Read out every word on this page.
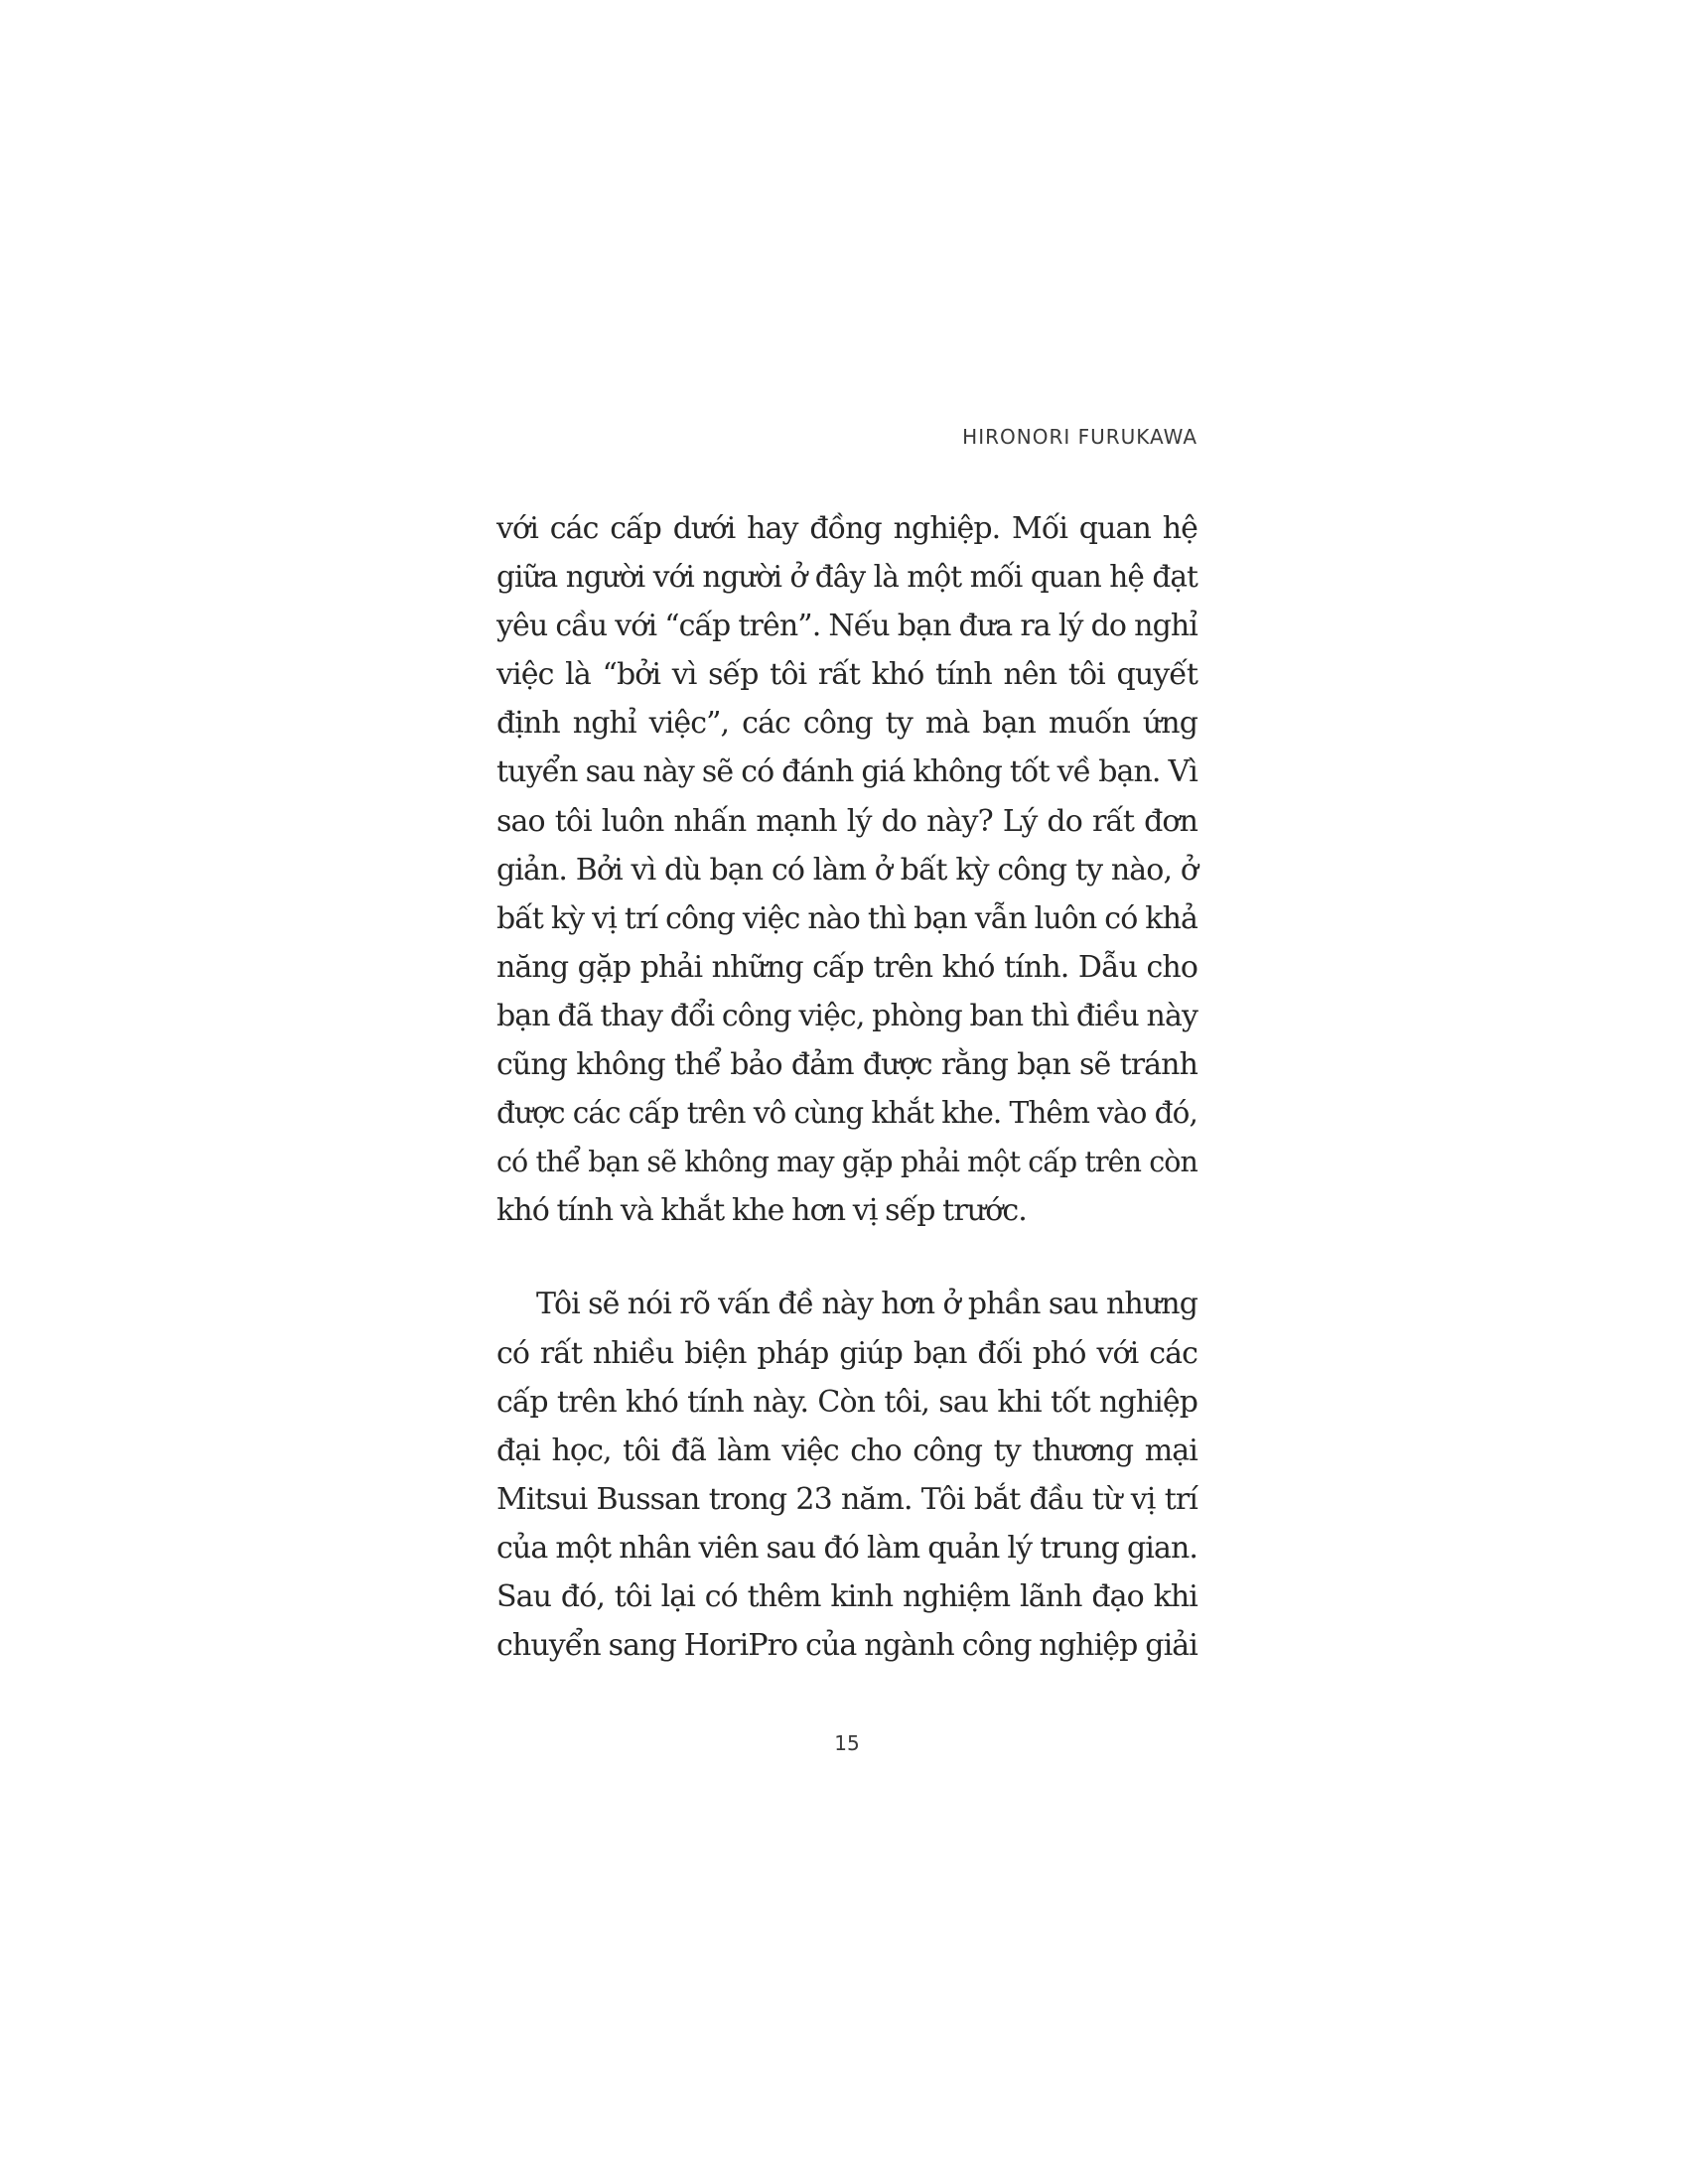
HIRONORI FURUKAWA
với các cấp dưới hay đồng nghiệp. Mối quan hệ
giữa người với người ở đây là một mối quan hệ đạt
yêu cầu với “cấp trên”. Nếu bạn đưa ra lý do nghỉ
việc là “bởi vì sếp tôi rất khó tính nên tôi quyết
định nghỉ việc”, các công ty mà bạn muốn ứng
tuyển sau này sẽ có đánh giá không tốt về bạn. Vì
sao tôi luôn nhấn mạnh lý do này? Lý do rất đơn
giản. Bởi vì dù bạn có làm ở bất kỳ công ty nào, ở
bất kỳ vị trí công việc nào thì bạn vẫn luôn có khả
năng gặp phải những cấp trên khó tính. Dẫu cho
bạn đã thay đổi công việc, phòng ban thì điều này
cũng không thể bảo đảm được rằng bạn sẽ tránh
được các cấp trên vô cùng khắt khe. Thêm vào đó,
có thể bạn sẽ không may gặp phải một cấp trên còn
khó tính và khắt khe hơn vị sếp trước.
Tôi sẽ nói rõ vấn đề này hơn ở phần sau nhưng
có rất nhiều biện pháp giúp bạn đối phó với các
cấp trên khó tính này. Còn tôi, sau khi tốt nghiệp
đại học, tôi đã làm việc cho công ty thương mại
Mitsui Bussan trong 23 năm. Tôi bắt đầu từ vị trí
của một nhân viên sau đó làm quản lý trung gian.
Sau đó, tôi lại có thêm kinh nghiệm lãnh đạo khi
chuyển sang HoriPro của ngành công nghiệp giải
15
